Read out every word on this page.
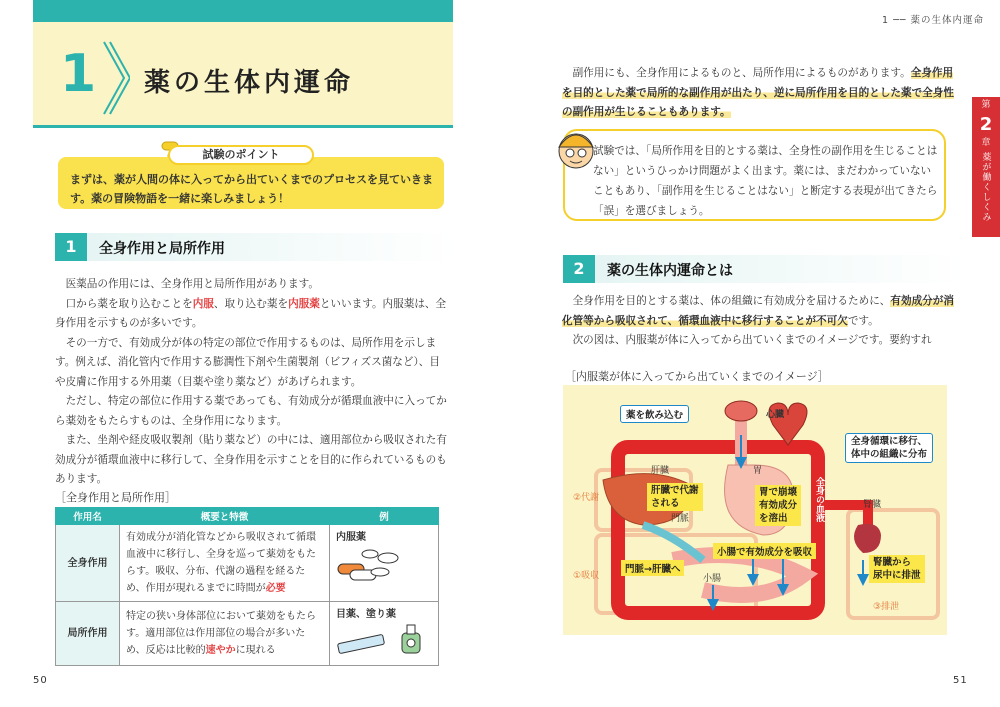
1 薬の生体内運命
試験のポイント
まずは、薬が人間の体に入ってから出ていくまでのプロセスを見ていきます。薬の冒険物語を一緒に楽しみましょう！
1	全身作用と局所作用

医薬品の作用には、全身作用と局所作用があります。

口から薬を取り込むことを内服、取り込む薬を内服薬といいます。内服薬は、全身作用を示すものが多いです。

その一方で、有効成分が体の特定の部位で作用するものは、局所作用を示します。例えば、消化管内で作用する膨潤性下剤や生菌製剤（ビフィズス菌など）、目や皮膚に作用する外用薬（目薬や塗り薬など）があげられます。

ただし、特定の部位に作用する薬であっても、有効成分が循環血液中に入ってから薬効をもたらすものは、全身作用になります。

また、坐剤や経皮吸収製剤（貼り薬など）の中には、適用部位から吸収された有効成分が循環血液中に移行して、全身作用を示すことを目的に作られているものもあります。

［全身作用と局所作用］
作用名	概要と特徴	例
全身作用	有効成分が消化管などから吸収されて循環血液中に移行し、全身を巡って薬効をもたらす。吸収、分布、代謝の過程を経るため、作用が現れるまでに時間が必要	内服薬

局所作用	特定の狭い身体部位において薬効をもたらす。適用部位は作用部位の場合が多いため、反応は比較的速やかに現れる	目薬、塗り薬
50
1 ── 薬の生体内運命
第
2
章
薬が働くしくみ
副作用にも、全身作用によるものと、局所作用によるものがあります。全身作用を目的とした薬で局所的な副作用が出たり、逆に局所作用を目的とした薬で全身性の副作用が生じることもあります。
試験では、「局所作用を目的とする薬は、全身性の副作用を生じることはない」というひっかけ問題がよく出ます。薬には、まだわかっていないこともあり、「副作用を生じることはない」と断定する表現が出てきたら「誤」を選びましょう。
2	薬の生体内運命とは

全身作用を目的とする薬は、体の組織に有効成分を届けるために、有効成分が消化管等から吸収されて、循環血液中に移行することが不可欠です。

次の図は、内服薬が体に入ってから出ていくまでのイメージです。要約すれ

［内服薬が体に入ってから出ていくまでのイメージ］
薬を飲み込む	心臓
全身循環に移行、
体中の組織に分布
肝臓	胃
肝臓で代謝
される
胃で崩壊
有効成分
を溶出	全身の血液	腎臓
②代謝
門脈
小腸で有効成分を吸収
腎臓から
尿中に排泄
①吸収
門脈→肝臓へ
小腸
③排泄
51
